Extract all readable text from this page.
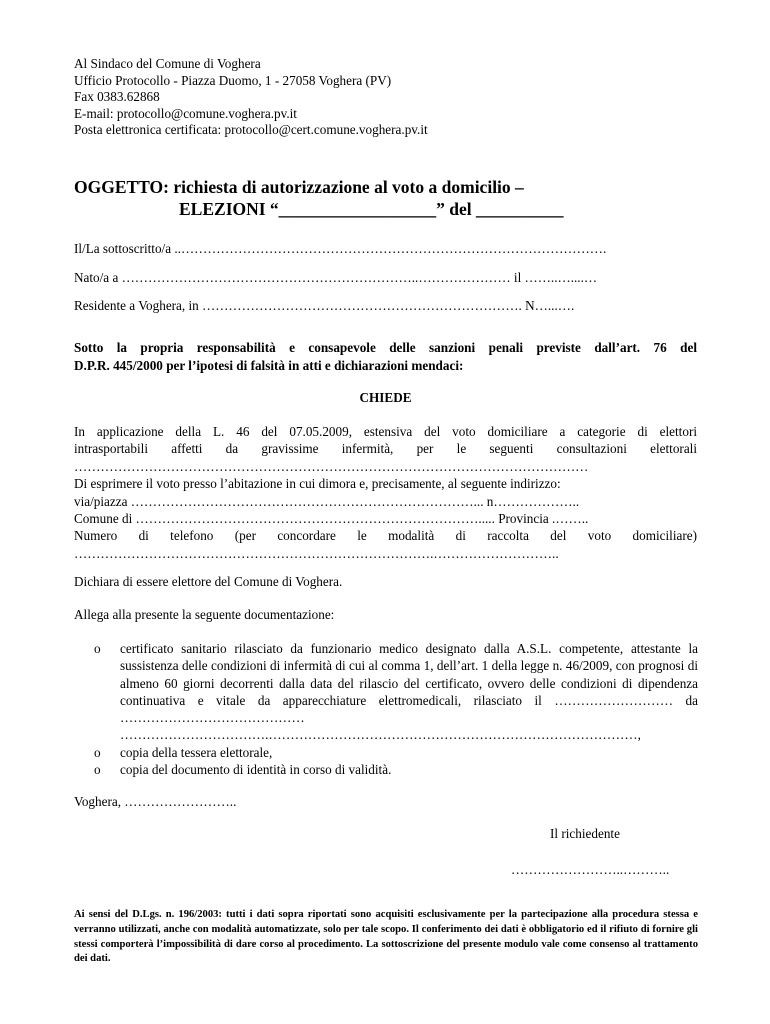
Al Sindaco del Comune di Voghera
Ufficio Protocollo - Piazza Duomo, 1 - 27058 Voghera (PV)
Fax 0383.62868
E-mail: protocollo@comune.voghera.pv.it
Posta elettronica certificata: protocollo@cert.comune.voghera.pv.it
OGGETTO: richiesta di autorizzazione al voto a domicilio –
ELEZIONI “__________________” del __________
Il/La sottoscritto/a ..…………………………………………………………………………………….
Nato/a a …………………………………………………………..………………… il ……..…....…
Residente a Voghera, in ………………………………………………………………. N…...….
Sotto la propria responsabilità e consapevole delle sanzioni penali previste dall’art. 76 del
D.P.R. 445/2000 per l’ipotesi di falsità in atti e dichiarazioni mendaci:
CHIEDE
In applicazione della L. 46 del 07.05.2009, estensiva del voto domiciliare a categorie di elettori
intrasportabili affetti da gravissime infermità, per le seguenti consultazioni elettorali
………………………………………………………………………………………………………
Di esprimere il voto presso l’abitazione in cui dimora e, precisamente, al seguente indirizzo:
via/piazza ……………………………………………………………………... n………………..
Comune di ……………………………………………………………………..... Provincia .……..
Numero di telefono (per concordare le modalità di raccolta del voto domiciliare)
……………………………………………………………………….………………………..
Dichiara di essere elettore del Comune di Voghera.
Allega alla presente la seguente documentazione:
o	certificato sanitario rilasciato da funzionario medico designato dalla A.S.L. competente, attestante la sussistenza delle condizioni di infermità di cui al comma 1, dell’art. 1 della legge n. 46/2009, con prognosi di almeno 60 giorni decorrenti dalla data del rilascio del certificato, ovvero delle condizioni di dipendenza continuativa e vitale da apparecchiature elettromedicali, rilasciato il ……………………… da …………………………………… …………………………….…………………………………………………………………………,
o	copia della tessera elettorale,
o	copia del documento di identità in corso di validità.
Voghera, ……………………..
Il richiedente
……………………..………..
Ai sensi del D.Lgs. n. 196/2003: tutti i dati sopra riportati sono acquisiti esclusivamente per la partecipazione alla procedura stessa e verranno utilizzati, anche con modalità automatizzate, solo per tale scopo. Il conferimento dei dati è obbligatorio ed il rifiuto di fornire gli stessi comporterà l’impossibilità di dare corso al procedimento. La sottoscrizione del presente modulo vale come consenso al trattamento dei dati.
